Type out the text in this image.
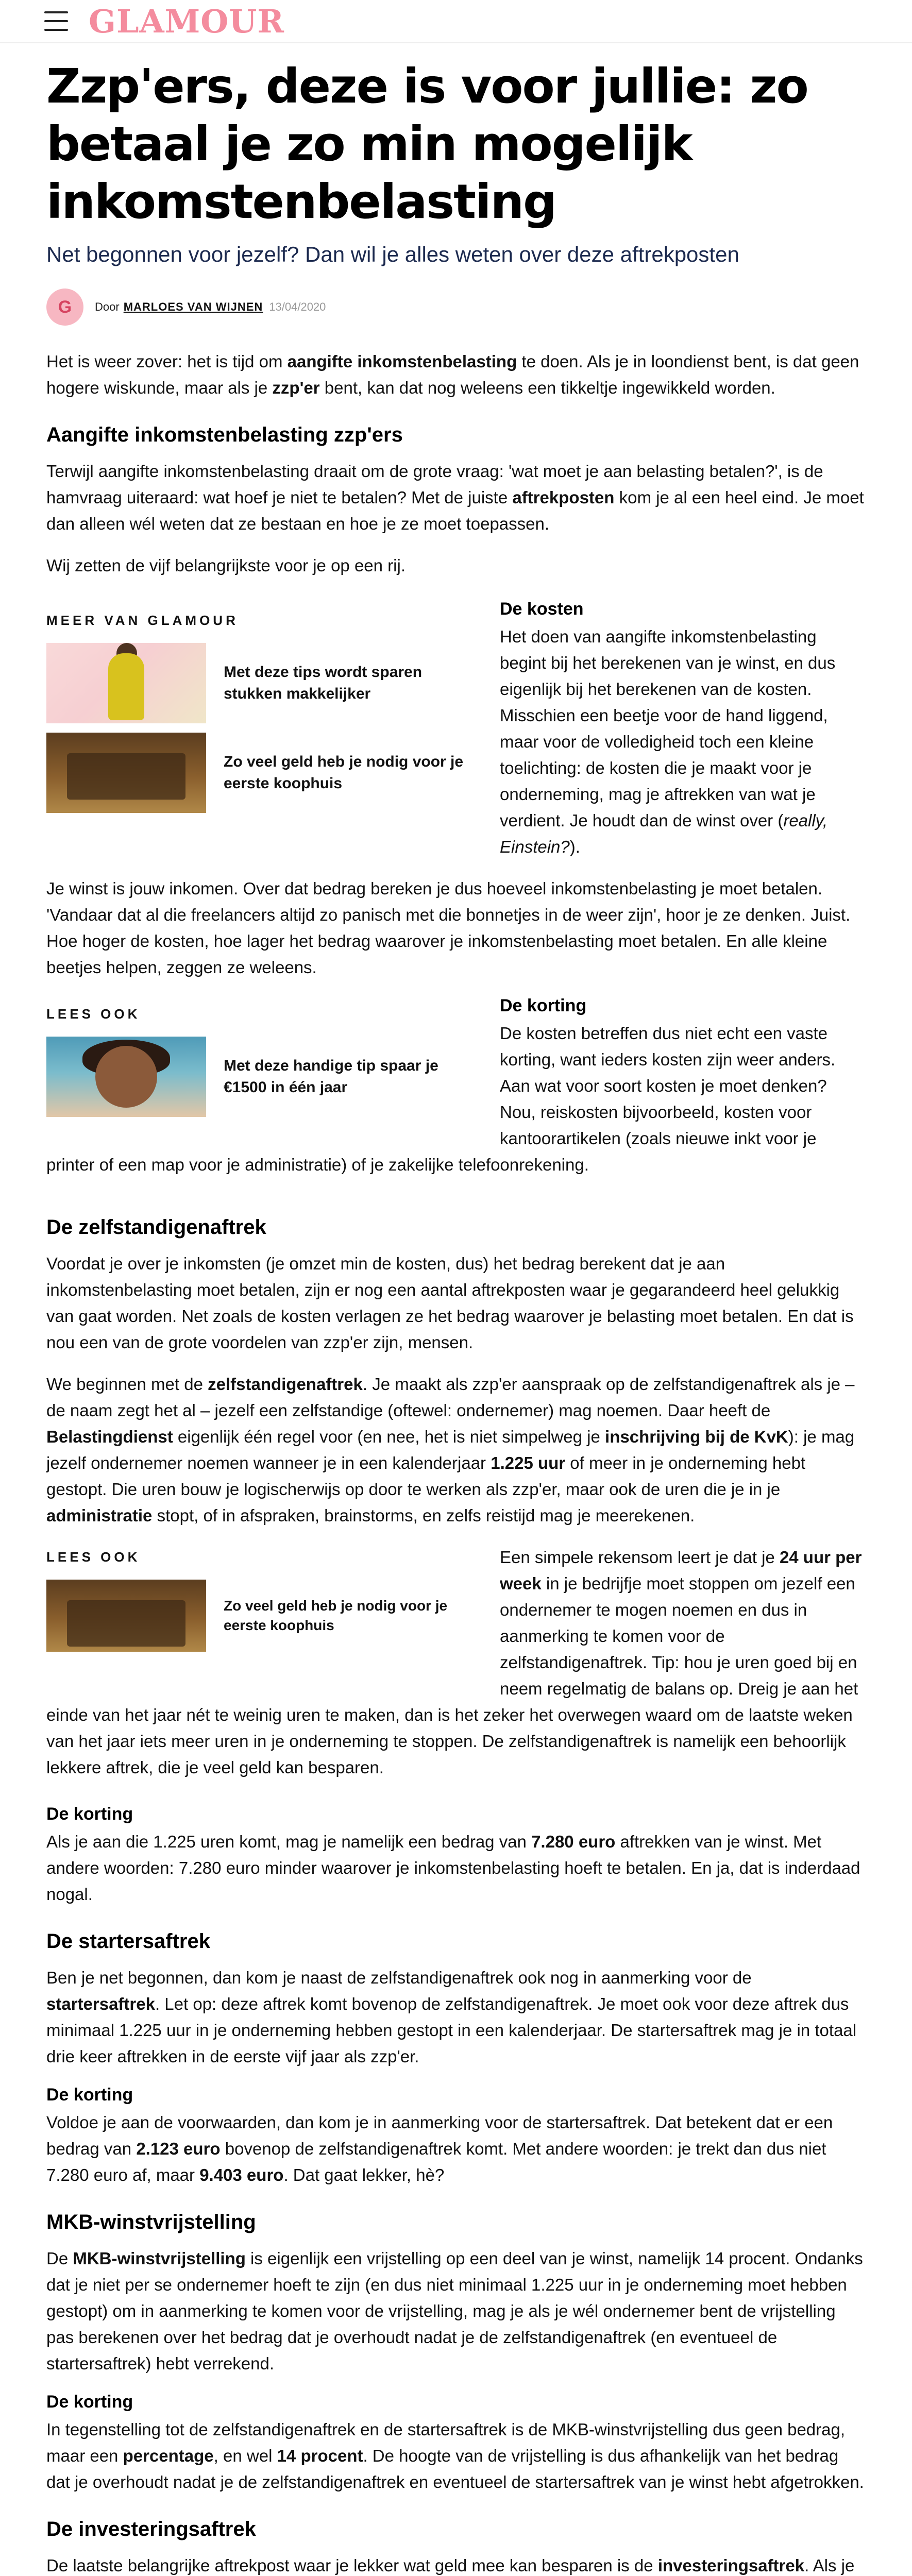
GLAMOUR
Zzp'ers, deze is voor jullie: zo betaal je zo min mogelijk inkomstenbelasting
Net begonnen voor jezelf? Dan wil je alles weten over deze aftrekposten
G	Door MARLOES VAN WIJNEN 13/04/2020

Het is weer zover: het is tijd om aangifte inkomstenbelasting te doen. Als je in loondienst bent, is dat geen hogere wiskunde, maar als je zzp'er bent, kan dat nog weleens een tikkeltje ingewikkeld worden.

Aangifte inkomstenbelasting zzp'ers

Terwijl aangifte inkomstenbelasting draait om de grote vraag: 'wat moet je aan belasting betalen?', is de hamvraag uiteraard: wat hoef je niet te betalen? Met de juiste aftrekposten kom je al een heel eind. Je moet dan alleen wél weten dat ze bestaan en hoe je ze moet toepassen.

Wij zetten de vijf belangrijkste voor je op een rij.

MEER VAN GLAMOUR
Met deze tips wordt sparen stukken makkelijker
Zo veel geld heb je nodig voor je eerste koophuis
De kosten

Het doen van aangifte inkomstenbelasting begint bij het berekenen van je winst, en dus eigenlijk bij het berekenen van de kosten. Misschien een beetje voor de hand liggend, maar voor de volledigheid toch een kleine toelichting: de kosten die je maakt voor je onderneming, mag je aftrekken van wat je verdient. Je houdt dan de winst over (really, Einstein?).

Je winst is jouw inkomen. Over dat bedrag bereken je dus hoeveel inkomstenbelasting je moet betalen. 'Vandaar dat al die freelancers altijd zo panisch met die bonnetjes in de weer zijn', hoor je ze denken. Juist. Hoe hoger de kosten, hoe lager het bedrag waarover je inkomstenbelasting moet betalen. En alle kleine beetjes helpen, zeggen ze weleens.

LEES OOK
Met deze handige tip spaar je €1500 in één jaar
De korting

De kosten betreffen dus niet echt een vaste korting, want ieders kosten zijn weer anders. Aan wat voor soort kosten je moet denken? Nou, reiskosten bijvoorbeeld, kosten voor kantoorartikelen (zoals nieuwe inkt voor je printer of een map voor je administratie) of je zakelijke telefoonrekening.

De zelfstandigenaftrek

Voordat je over je inkomsten (je omzet min de kosten, dus) het bedrag berekent dat je aan inkomstenbelasting moet betalen, zijn er nog een aantal aftrekposten waar je gegarandeerd heel gelukkig van gaat worden. Net zoals de kosten verlagen ze het bedrag waarover je belasting moet betalen. En dat is nou een van de grote voordelen van zzp'er zijn, mensen.

We beginnen met de zelfstandigenaftrek. Je maakt als zzp'er aanspraak op de zelfstandigenaftrek als je – de naam zegt het al – jezelf een zelfstandige (oftewel: ondernemer) mag noemen. Daar heeft de Belastingdienst eigenlijk één regel voor (en nee, het is niet simpelweg je inschrijving bij de KvK): je mag jezelf ondernemer noemen wanneer je in een kalenderjaar 1.225 uur of meer in je onderneming hebt gestopt. Die uren bouw je logischerwijs op door te werken als zzp'er, maar ook de uren die je in je administratie stopt, of in afspraken, brainstorms, en zelfs reistijd mag je meerekenen.

LEES OOK
Zo veel geld heb je nodig voor je eerste koophuis

Een simpele rekensom leert je dat je 24 uur per week in je bedrijfje moet stoppen om jezelf een ondernemer te mogen noemen en dus in aanmerking te komen voor de zelfstandigenaftrek. Tip: hou je uren goed bij en neem regelmatig de balans op. Dreig je aan het einde van het jaar nét te weinig uren te maken, dan is het zeker het overwegen waard om de laatste weken van het jaar iets meer uren in je onderneming te stoppen. De zelfstandigenaftrek is namelijk een behoorlijk lekkere aftrek, die je veel geld kan besparen.

De korting

Als je aan die 1.225 uren komt, mag je namelijk een bedrag van 7.280 euro aftrekken van je winst. Met andere woorden: 7.280 euro minder waarover je inkomstenbelasting hoeft te betalen. En ja, dat is inderdaad nogal.

De startersaftrek

Ben je net begonnen, dan kom je naast de zelfstandigenaftrek ook nog in aanmerking voor de startersaftrek. Let op: deze aftrek komt bovenop de zelfstandigenaftrek. Je moet ook voor deze aftrek dus minimaal 1.225 uur in je onderneming hebben gestopt in een kalenderjaar. De startersaftrek mag je in totaal drie keer aftrekken in de eerste vijf jaar als zzp'er.

De korting

Voldoe je aan de voorwaarden, dan kom je in aanmerking voor de startersaftrek. Dat betekent dat er een bedrag van 2.123 euro bovenop de zelfstandigenaftrek komt. Met andere woorden: je trekt dan dus niet 7.280 euro af, maar 9.403 euro. Dat gaat lekker, hè?

MKB-winstvrijstelling

De MKB-winstvrijstelling is eigenlijk een vrijstelling op een deel van je winst, namelijk 14 procent. Ondanks dat je niet per se ondernemer hoeft te zijn (en dus niet minimaal 1.225 uur in je onderneming moet hebben gestopt) om in aanmerking te komen voor de vrijstelling, mag je als je wél ondernemer bent de vrijstelling pas berekenen over het bedrag dat je overhoudt nadat je de zelfstandigenaftrek (en eventueel de startersaftrek) hebt verrekend.

De korting

In tegenstelling tot de zelfstandigenaftrek en de startersaftrek is de MKB-winstvrijstelling dus geen bedrag, maar een percentage, en wel 14 procent. De hoogte van de vrijstelling is dus afhankelijk van het bedrag dat je overhoudt nadat je de zelfstandigenaftrek en eventueel de startersaftrek van je winst hebt afgetrokken.

De investeringsaftrek

De laatste belangrijke aftrekpost waar je lekker wat geld mee kan besparen is de investeringsaftrek. Als je
